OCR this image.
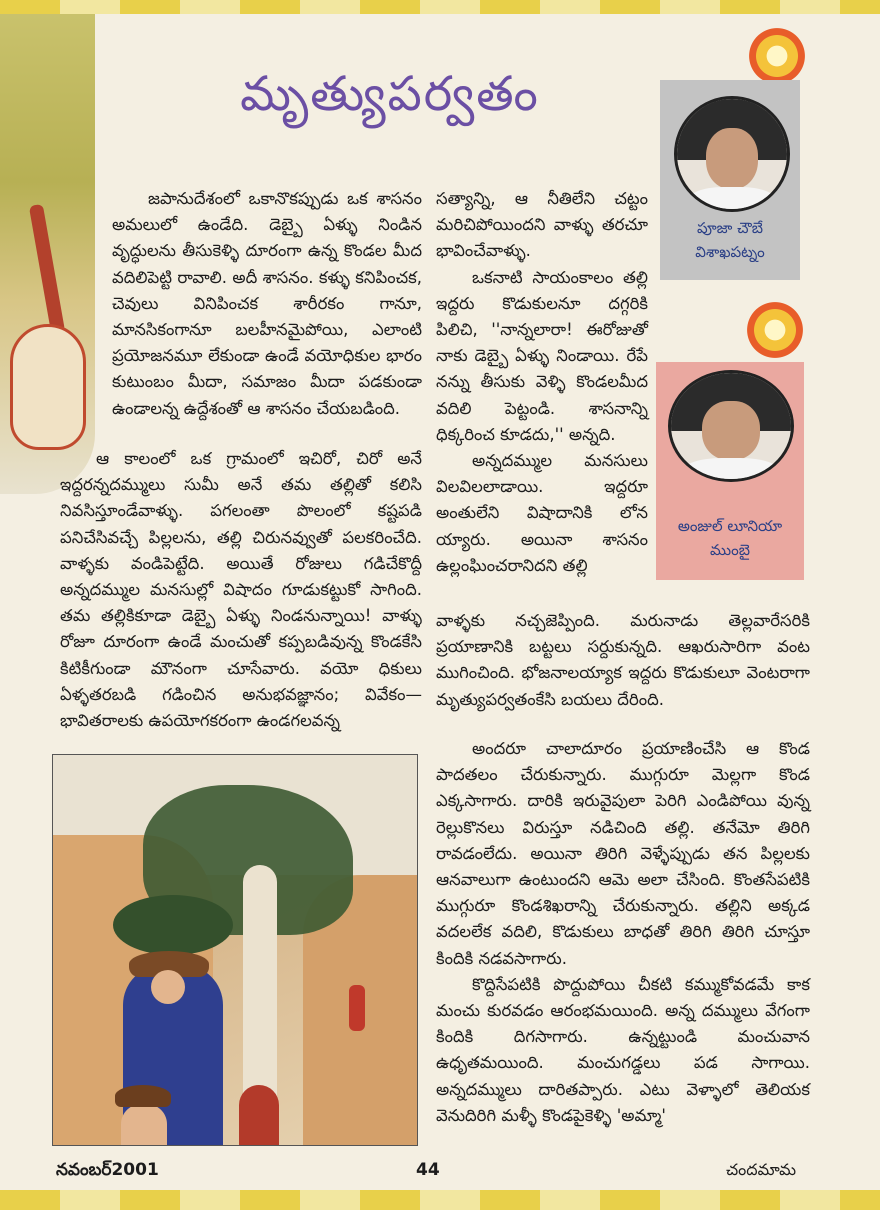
మృత్యుపర్వతం

జపానుదేశంలో ఒకానొకప్పుడు ఒక శాసనం అమలులో ఉండేది. డెబ్బై ఏళ్ళు నిండిన వృద్ధులను తీసుకెళ్ళి దూరంగా ఉన్న కొండల మీద వదిలిపెట్టి రావాలి. అదీ శాసనం. కళ్ళు కనిపించక, చెవులు వినిపించక శారీరకం గానూ, మానసికంగానూ బలహీనమైపోయి, ఎలాంటి ప్రయోజనమూ లేకుండా ఉండే వయోధికుల భారం కుటుంబం మీదా, సమాజం మీదా పడకుండా ఉండాలన్న ఉద్దేశంతో ఆ శాసనం చేయబడింది.

ఆ కాలంలో ఒక గ్రామంలో ఇచిరో, చిరో అనే ఇద్దరన్నదమ్ములు సుమీ అనే తమ తల్లితో కలిసి నివసిస్తూండేవాళ్ళు. పగలంతా పొలంలో కష్టపడి పనిచేసివచ్చే పిల్లలను, తల్లి చిరునవ్వుతో పలకరించేది. వాళ్ళకు వండిపెట్టేది. అయితే రోజులు గడిచేకొద్దీ అన్నదమ్ముల మనసుల్లో విషాదం గూడుకట్టుకో సాగింది. తమ తల్లికికూడా డెబ్బై ఏళ్ళు నిండనున్నాయి! వాళ్ళు రోజూ దూరంగా ఉండే మంచుతో కప్పబడివున్న కొండకేసి కిటికీగుండా మౌనంగా చూసేవారు. వయో ధికులు ఏళ్ళతరబడి గడించిన అనుభవజ్ఞానం; వివేకం—భావితరాలకు ఉపయోగకరంగా ఉండగలవన్న

సత్యాన్ని, ఆ నీతిలేని చట్టం మరిచిపోయిందని వాళ్ళు తరచూ భావించేవాళ్ళు.

ఒకనాటి సాయంకాలం తల్లి ఇద్దరు కొడుకులనూ దగ్గరికి పిలిచి, ''నాన్నలారా! ఈరోజుతో నాకు డెబ్బై ఏళ్ళు నిండాయి. రేపే నన్ను తీసుకు వెళ్ళి కొండలమీద వదిలి పెట్టండి. శాసనాన్ని ధిక్కరించ కూడదు,'' అన్నది.

అన్నదమ్ముల మనసులు విలవిలలాడాయి. ఇద్దరూ అంతులేని విషాదానికి లోన య్యారు. అయినా శాసనం ఉల్లంఘించరానిదని తల్లి

వాళ్ళకు నచ్చజెప్పింది. మరునాడు తెల్లవారేసరికి ప్రయాణానికి బట్టలు సర్దుకున్నది. ఆఖరుసారిగా వంట ముగించింది. భోజనాలయ్యాక ఇద్దరు కొడుకులూ వెంటరాగా మృత్యుపర్వతంకేసి బయలు దేరింది.

అందరూ చాలాదూరం ప్రయాణించేసి ఆ కొండ పాదతలం చేరుకున్నారు. ముగ్గురూ మెల్లగా కొండ ఎక్కసాగారు. దారికి ఇరువైపులా పెరిగి ఎండిపోయి వున్న రెల్లుకొనలు విరుస్తూ నడిచింది తల్లి. తనేమో తిరిగి రావడంలేదు. అయినా తిరిగి వెళ్ళేప్పుడు తన పిల్లలకు ఆనవాలుగా ఉంటుందని ఆమె అలా చేసింది. కొంతసేపటికి ముగ్గురూ కొండశిఖరాన్ని చేరుకున్నారు. తల్లిని అక్కడ వదలలేక వదిలి, కొడుకులు బాధతో తిరిగి తిరిగి చూస్తూ కిందికి నడవసాగారు.

కొద్దిసేపటికి పొద్దుపోయి చీకటి కమ్ముకోవడమే కాక మంచు కురవడం ఆరంభమయింది. అన్న దమ్ములు వేగంగా కిందికి దిగసాగారు. ఉన్నట్టుండి మంచువాన ఉధృతమయింది. మంచుగడ్డలు పడ సాగాయి. అన్నదమ్ములు దారితప్పారు. ఎటు వెళ్ళాలో తెలియక వెనుదిరిగి మళ్ళీ కొండపైకెళ్ళి 'అమ్మా'

పూజా చౌబే
విశాఖపట్నం
అంజుల్ లూనియా
ముంబై
నవంబర్2001	44	చందమామ
